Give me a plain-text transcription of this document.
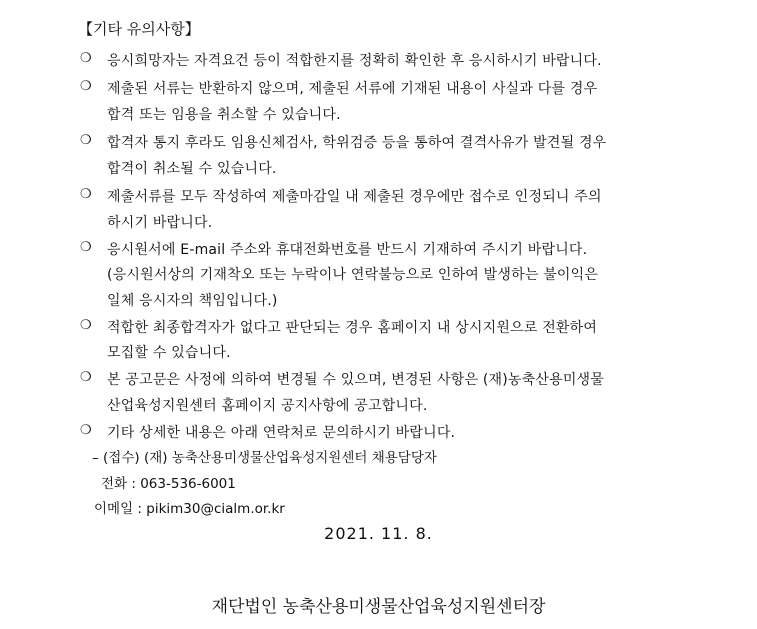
【기타 유의사항】
❍ 응시희망자는 자격요건 등이 적합한지를 정확히 확인한 후 응시하시기 바랍니다.
❍ 제출된 서류는 반환하지 않으며, 제출된 서류에 기재된 내용이 사실과 다를 경우
합격 또는 임용을 취소할 수 있습니다.
❍ 합격자 통지 후라도 임용신체검사, 학위검증 등을 통하여 결격사유가 발견될 경우
합격이 취소될 수 있습니다.
❍ 제출서류를 모두 작성하여 제출마감일 내 제출된 경우에만 접수로 인정되니 주의
하시기 바랍니다.
❍ 응시원서에 E-mail 주소와 휴대전화번호를 반드시 기재하여 주시기 바랍니다.
(응시원서상의 기재착오 또는 누락이나 연락불능으로 인하여 발생하는 불이익은
일체 응시자의 책임입니다.)
❍ 적합한 최종합격자가 없다고 판단되는 경우 홈페이지 내 상시지원으로 전환하여
모집할 수 있습니다.
❍ 본 공고문은 사정에 의하여 변경될 수 있으며, 변경된 사항은 (재)농축산용미생물
산업육성지원센터 홈페이지 공지사항에 공고합니다.
❍ 기타 상세한 내용은 아래 연락처로 문의하시기 바랍니다.
– (접수) (재) 농축산용미생물산업육성지원센터 채용담당자
전화 : 063-536-6001
이메일 : pikim30@cialm.or.kr
2021. 11. 8.
재단법인 농축산용미생물산업육성지원센터장
